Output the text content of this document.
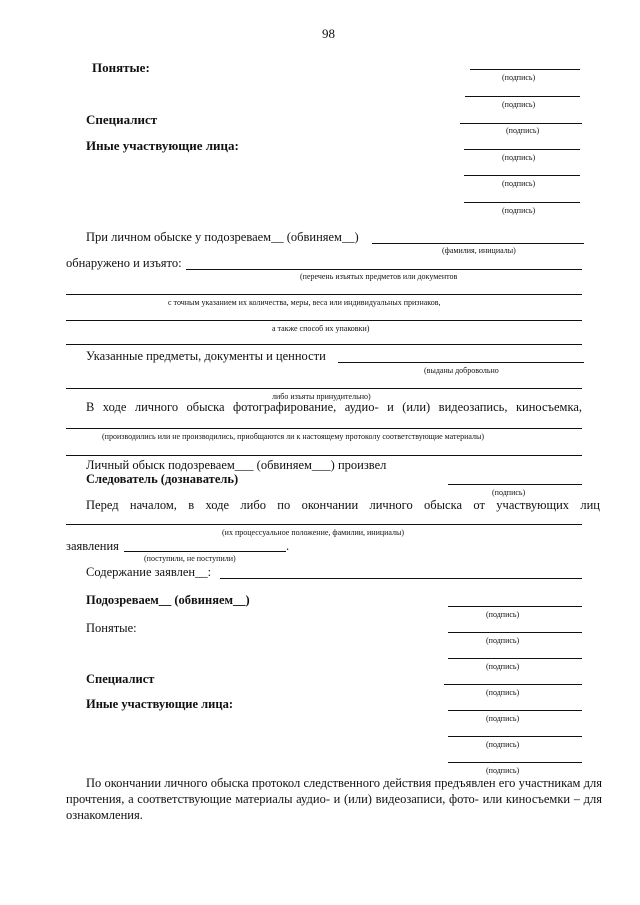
98
Понятые:
Специалист
Иные участвующие лица:
(подпись)
(подпись)
(подпись)
(подпись)
(подпись)
(подпись)
При личном обыске у подозреваем__ (обвиняем__)
(фамилия, инициалы)
обнаружено и изъято:
(перечень изъятых предметов или документов
с точным указанием их количества, меры, веса или индивидуальных признаков,
а также способ их упаковки)
Указанные предметы, документы и ценности
(выданы добровольно
либо изъяты принудительно)
В ходе личного обыска фотографирование, аудио- и (или) видеозапись, киносъемка,
(производились или не производились, приобщаются ли к настоящему протоколу соответствующие материалы)
Личный обыск подозреваем___ (обвиняем___) произвел
Следователь (дознаватель)
(подпись)
Перед началом, в ходе либо по окончании личного обыска от участвующих лиц
(их процессуальное положение, фамилии, инициалы)
заявления	.
(поступили, не поступили)
Содержание заявлен__:
Подозреваем__ (обвиняем__)
Понятые:
Специалист
Иные участвующие лица:
(подпись)
(подпись)
(подпись)
(подпись)
(подпись)
(подпись)
(подпись)
По окончании личного обыска протокол следственного действия предъявлен его участникам для прочтения, а соответствующие материалы аудио- и (или) видеозаписи, фото- или киносъемки – для ознакомления.
